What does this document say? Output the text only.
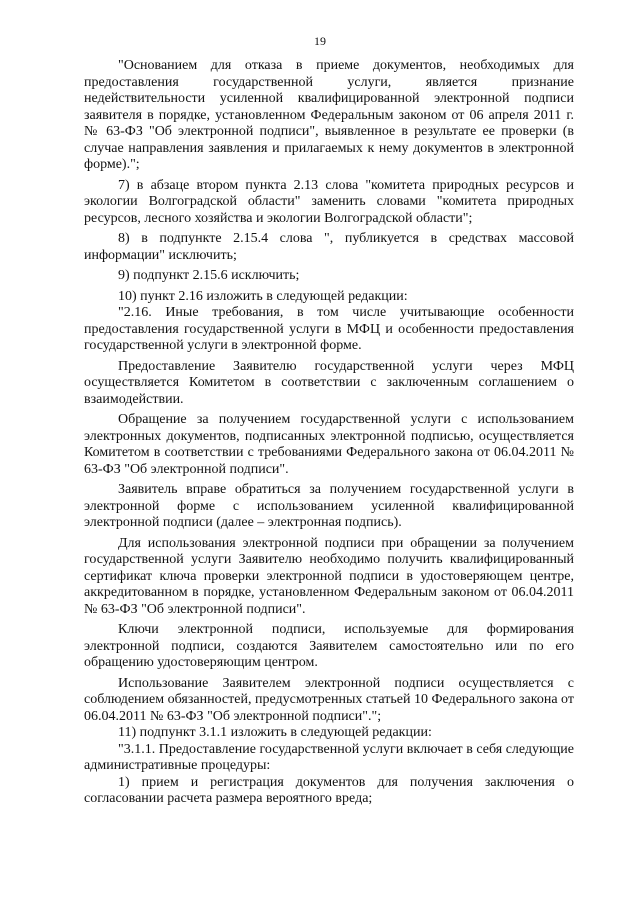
19

"Основанием для отказа в приеме документов, необходимых для предоставления государственной услуги, является признание недействительности усиленной квалифицированной электронной подписи заявителя в порядке, установленном Федеральным законом от 06 апреля 2011 г. № 63-ФЗ "Об электронной подписи", выявленное в результате ее проверки (в случае направления заявления и прилагаемых к нему документов в электронной форме).";

7) в абзаце втором пункта 2.13 слова "комитета природных ресурсов и экологии Волгоградской области" заменить словами "комитета природных ресурсов, лесного хозяйства и экологии Волгоградской области";

8) в подпункте 2.15.4 слова ", публикуется в средствах массовой информации" исключить;

9) подпункт 2.15.6 исключить;

10) пункт 2.16 изложить в следующей редакции:

"2.16. Иные требования, в том числе учитывающие особенности предоставления государственной услуги в МФЦ и особенности предоставления государственной услуги в электронной форме.

Предоставление Заявителю государственной услуги через МФЦ осуществляется Комитетом в соответствии с заключенным соглашением о взаимодействии.

Обращение за получением государственной услуги с использованием электронных документов, подписанных электронной подписью, осуществляется Комитетом в соответствии с требованиями Федерального закона от 06.04.2011 № 63-ФЗ "Об электронной подписи".

Заявитель вправе обратиться за получением государственной услуги в электронной форме с использованием усиленной квалифицированной электронной подписи (далее – электронная подпись).

Для использования электронной подписи при обращении за получением государственной услуги Заявителю необходимо получить квалифицированный сертификат ключа проверки электронной подписи в удостоверяющем центре, аккредитованном в порядке, установленном Федеральным законом от 06.04.2011 № 63-ФЗ "Об электронной подписи".

Ключи электронной подписи, используемые для формирования электронной подписи, создаются Заявителем самостоятельно или по его обращению удостоверяющим центром.

Использование Заявителем электронной подписи осуществляется с соблюдением обязанностей, предусмотренных статьей 10 Федерального закона от 06.04.2011 № 63-ФЗ "Об электронной подписи".";

11) подпункт 3.1.1 изложить в следующей редакции:

"3.1.1. Предоставление государственной услуги включает в себя следующие административные процедуры:

1) прием и регистрация документов для получения заключения о согласовании расчета размера вероятного вреда;
